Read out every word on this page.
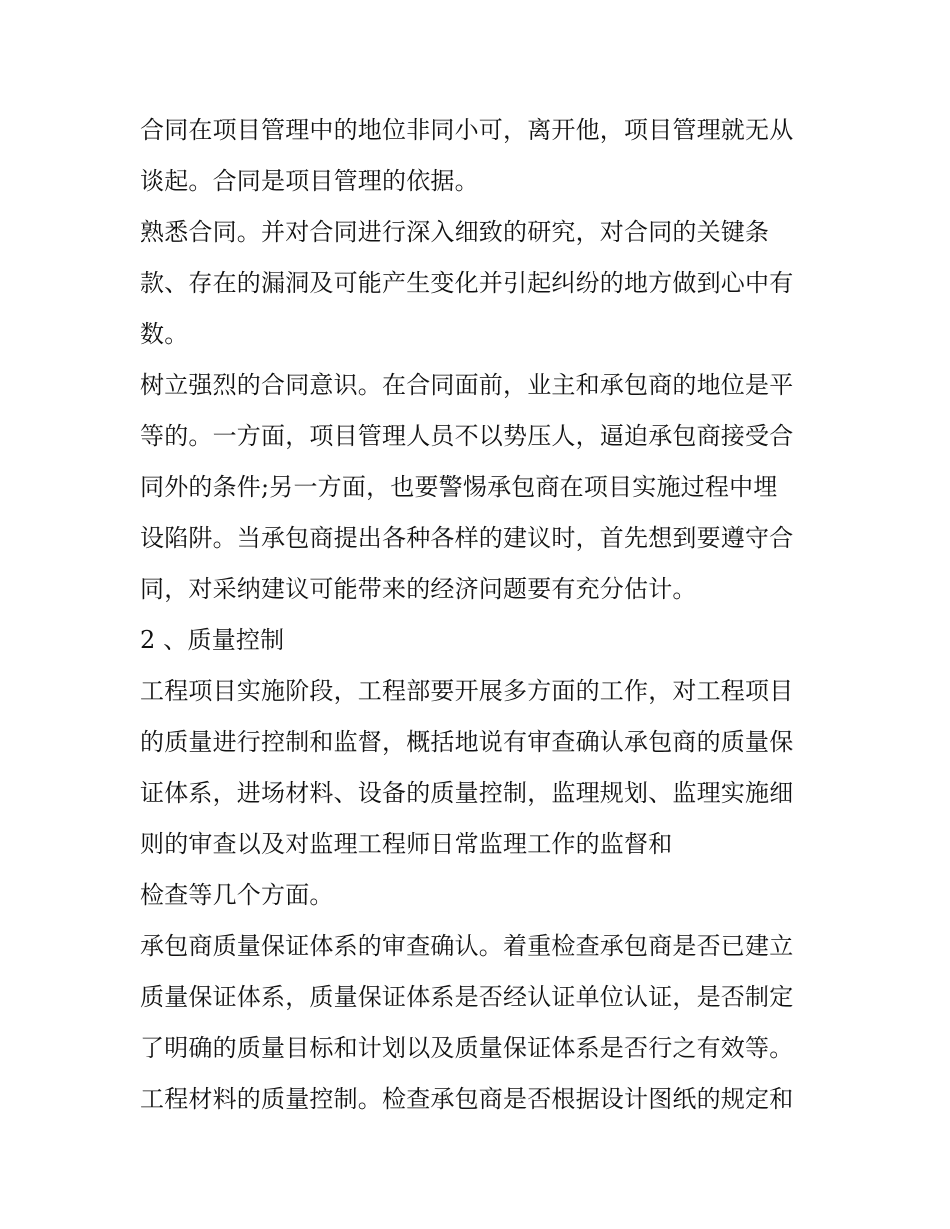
合同在项目管理中的地位非同小可，离开他，项目管理就无从
谈起。合同是项目管理的依据。
熟悉合同。并对合同进行深入细致的研究，对合同的关键条
款、存在的漏洞及可能产生变化并引起纠纷的地方做到心中有
数。
树立强烈的合同意识。在合同面前，业主和承包商的地位是平
等的。一方面，项目管理人员不以势压人，逼迫承包商接受合
同外的条件;另一方面，也要警惕承包商在项目实施过程中埋
设陷阱。当承包商提出各种各样的建议时，首先想到要遵守合
同，对采纳建议可能带来的经济问题要有充分估计。
2 、质量控制
工程项目实施阶段，工程部要开展多方面的工作，对工程项目
的质量进行控制和监督，概括地说有审查确认承包商的质量保
证体系，进场材料、设备的质量控制，监理规划、监理实施细
则的审查以及对监理工程师日常监理工作的监督和
检查等几个方面。
承包商质量保证体系的审查确认。着重检查承包商是否已建立
质量保证体系，质量保证体系是否经认证单位认证，是否制定
了明确的质量目标和计划以及质量保证体系是否行之有效等。
工程材料的质量控制。检查承包商是否根据设计图纸的规定和
